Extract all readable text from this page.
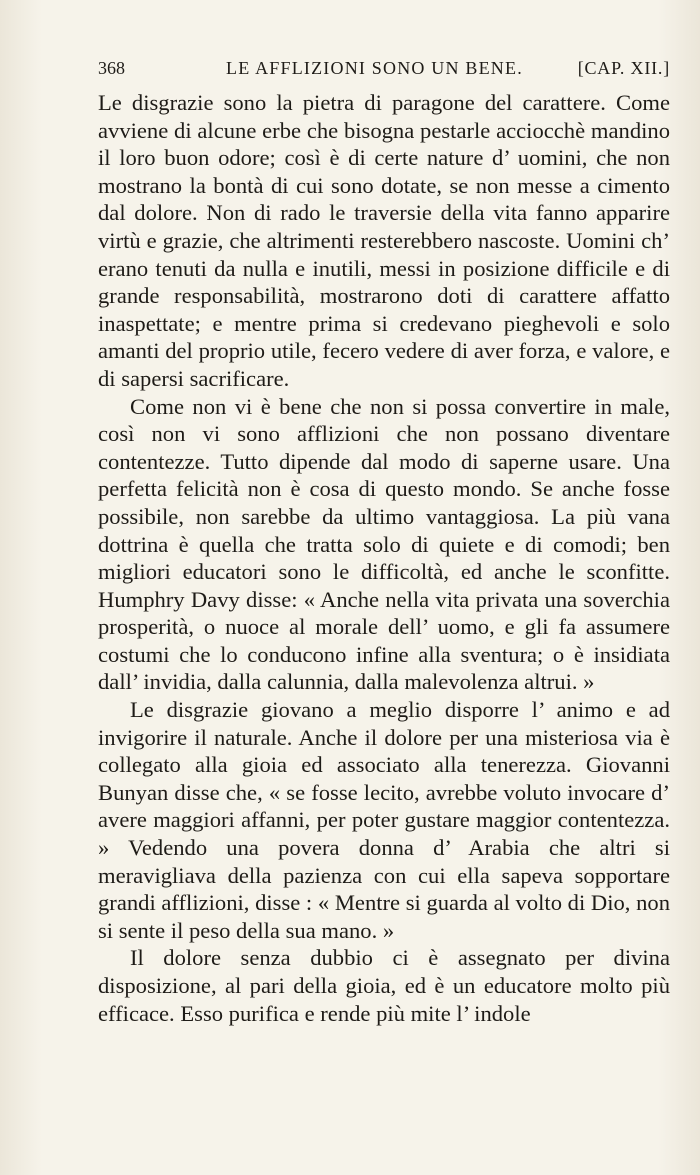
368	LE AFFLIZIONI SONO UN BENE.	[CAP. XII.]

Le disgrazie sono la pietra di paragone del carattere. Come avviene di alcune erbe che bisogna pestarle acciocchè mandino il loro buon odore; così è di certe nature d’ uomini, che non mostrano la bontà di cui sono dotate, se non messe a cimento dal dolore. Non di rado le traversie della vita fanno apparire virtù e grazie, che altrimenti resterebbero nascoste. Uomini ch’ erano tenuti da nulla e inutili, messi in posizione difficile e di grande responsabilità, mostrarono doti di carattere affatto inaspettate; e mentre prima si credevano pieghevoli e solo amanti del proprio utile, fecero vedere di aver forza, e valore, e di sapersi sacrificare.

Come non vi è bene che non si possa convertire in male, così non vi sono afflizioni che non possano diventare contentezze. Tutto dipende dal modo di saperne usare. Una perfetta felicità non è cosa di questo mondo. Se anche fosse possibile, non sarebbe da ultimo vantaggiosa. La più vana dottrina è quella che tratta solo di quiete e di comodi; ben migliori educatori sono le difficoltà, ed anche le sconfitte. Humphry Davy disse: « Anche nella vita privata una soverchia prosperità, o nuoce al morale dell’ uomo, e gli fa assumere costumi che lo conducono infine alla sventura; o è insidiata dall’ invidia, dalla calunnia, dalla malevolenza altrui. »

Le disgrazie giovano a meglio disporre l’ animo e ad invigorire il naturale. Anche il dolore per una misteriosa via è collegato alla gioia ed associato alla tenerezza. Giovanni Bunyan disse che, « se fosse lecito, avrebbe voluto invocare d’ avere maggiori affanni, per poter gustare maggior contentezza. » Vedendo una povera donna d’ Arabia che altri si meravigliava della pazienza con cui ella sapeva sopportare grandi afflizioni, disse : « Mentre si guarda al volto di Dio, non si sente il peso della sua mano. »

Il dolore senza dubbio ci è assegnato per divina disposizione, al pari della gioia, ed è un educatore molto più efficace. Esso purifica e rende più mite l’ indole
